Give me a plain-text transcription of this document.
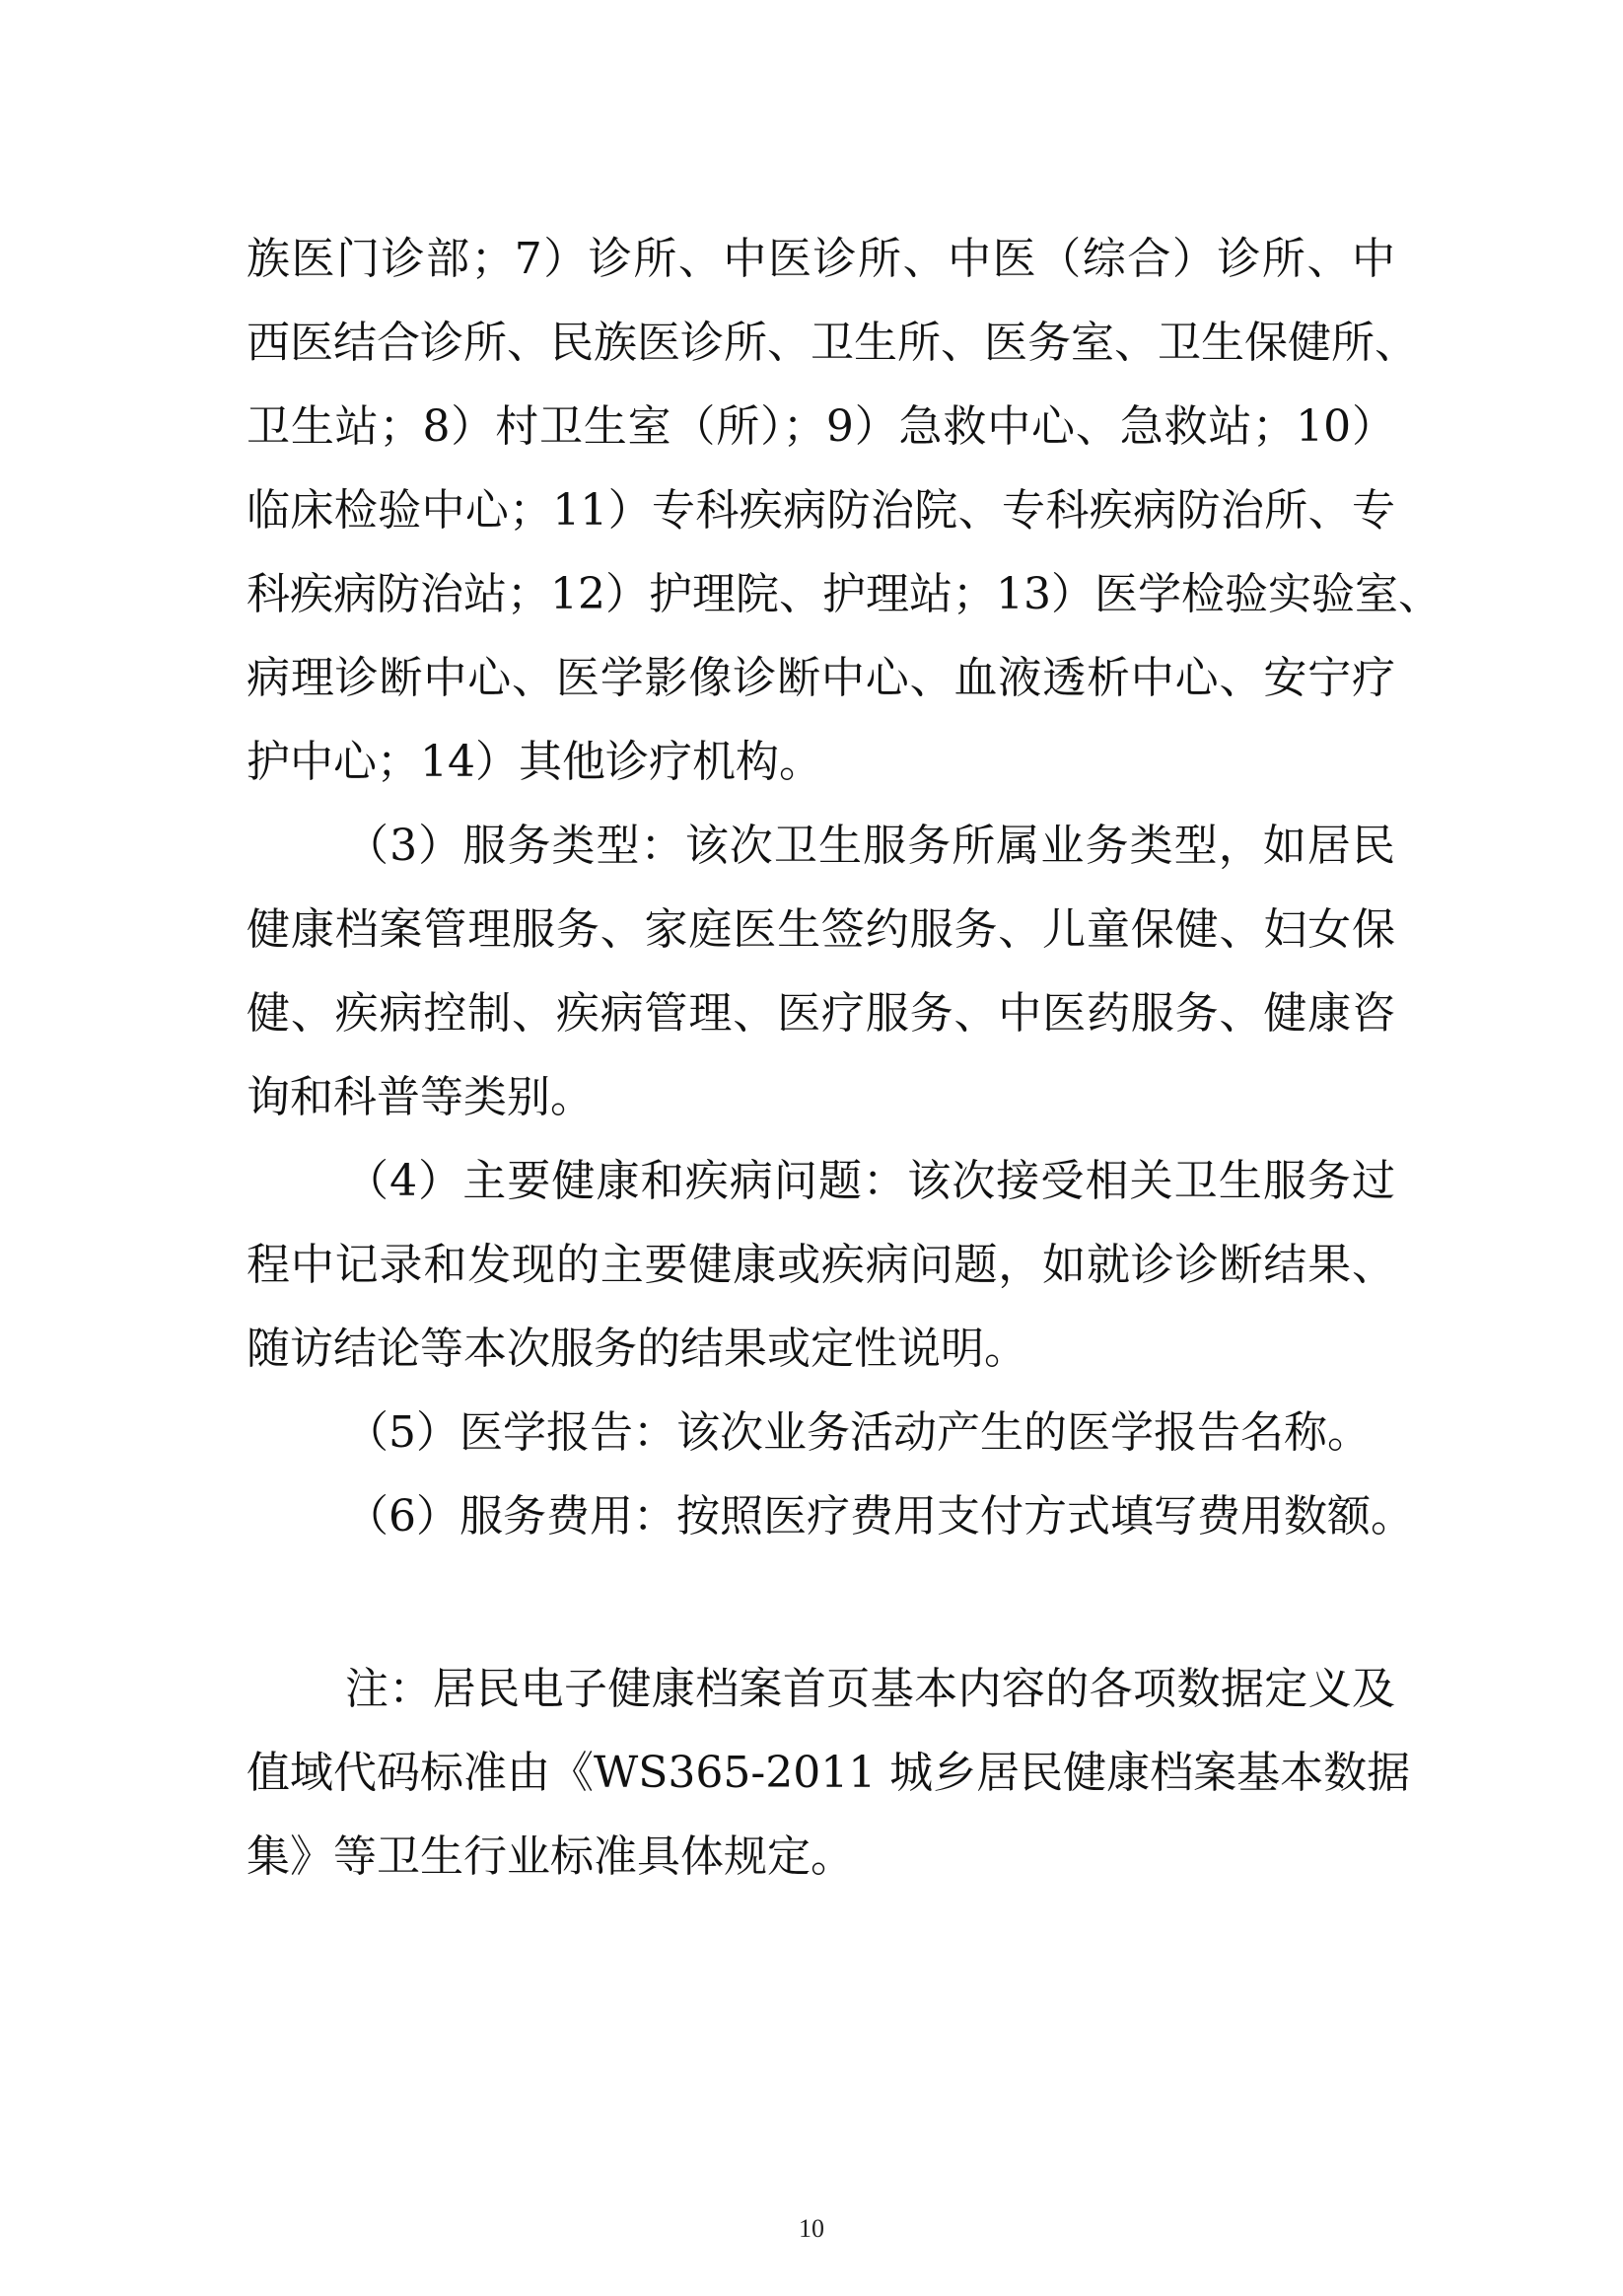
族医门诊部；7）诊所、中医诊所、中医（综合）诊所、中
西医结合诊所、民族医诊所、卫生所、医务室、卫生保健所、
卫生站；8）村卫生室（所）；9）急救中心、急救站；10）
临床检验中心；11）专科疾病防治院、专科疾病防治所、专
科疾病防治站；12）护理院、护理站；13）医学检验实验室、
病理诊断中心、医学影像诊断中心、血液透析中心、安宁疗
护中心；14）其他诊疗机构。
（3）服务类型：该次卫生服务所属业务类型，如居民
健康档案管理服务、家庭医生签约服务、儿童保健、妇女保
健、疾病控制、疾病管理、医疗服务、中医药服务、健康咨
询和科普等类别。
（4）主要健康和疾病问题：该次接受相关卫生服务过
程中记录和发现的主要健康或疾病问题，如就诊诊断结果、
随访结论等本次服务的结果或定性说明。
（5）医学报告：该次业务活动产生的医学报告名称。
（6）服务费用：按照医疗费用支付方式填写费用数额。
注：居民电子健康档案首页基本内容的各项数据定义及
值域代码标准由《WS365-2011 城乡居民健康档案基本数据
集》等卫生行业标准具体规定。
10
